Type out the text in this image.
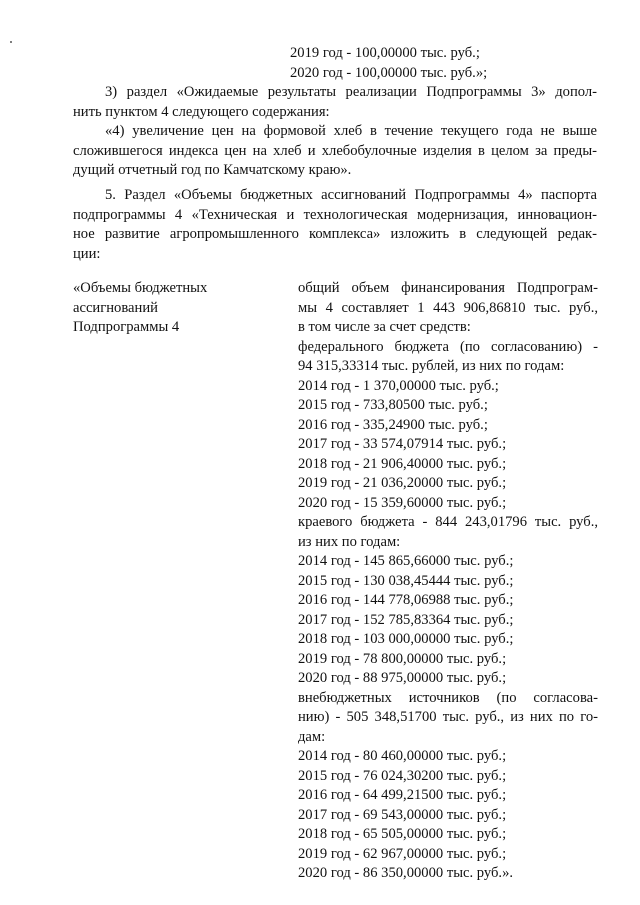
2019 год - 100,00000 тыс. руб.;
2020 год - 100,00000 тыс. руб.»;
3) раздел «Ожидаемые результаты реализации Подпрограммы 3» допол-
нить пунктом 4 следующего содержания:
«4) увеличение цен на формовой хлеб в течение текущего года не выше
сложившегося индекса цен на хлеб и хлебобулочные изделия в целом за преды-
дущий отчетный год по Камчатскому краю».
5. Раздел «Объемы бюджетных ассигнований Подпрограммы 4» паспорта
подпрограммы 4 «Техническая и технологическая модернизация, инновацион-
ное развитие агропромышленного комплекса» изложить в следующей редак-
ции:
«Объемы бюджетных
ассигнований
Подпрограммы 4
общий объем финансирования Подпрограм-
мы 4 составляет 1 443 906,86810 тыс. руб.,
в том числе за счет средств:
федерального бюджета (по согласованию) -
94 315,33314 тыс. рублей, из них по годам:
2014 год - 1 370,00000 тыс. руб.;
2015 год - 733,80500 тыс. руб.;
2016 год - 335,24900 тыс. руб.;
2017 год - 33 574,07914 тыс. руб.;
2018 год - 21 906,40000 тыс. руб.;
2019 год - 21 036,20000 тыс. руб.;
2020 год - 15 359,60000 тыс. руб.;
краевого бюджета - 844 243,01796 тыс. руб.,
из них по годам:
2014 год - 145 865,66000 тыс. руб.;
2015 год - 130 038,45444 тыс. руб.;
2016 год - 144 778,06988 тыс. руб.;
2017 год - 152 785,83364 тыс. руб.;
2018 год - 103 000,00000 тыс. руб.;
2019 год - 78 800,00000 тыс. руб.;
2020 год - 88 975,00000 тыс. руб.;
внебюджетных источников (по согласова-
нию) - 505 348,51700 тыс. руб., из них по го-
дам:
2014 год - 80 460,00000 тыс. руб.;
2015 год - 76 024,30200 тыс. руб.;
2016 год - 64 499,21500 тыс. руб.;
2017 год - 69 543,00000 тыс. руб.;
2018 год - 65 505,00000 тыс. руб.;
2019 год - 62 967,00000 тыс. руб.;
2020 год - 86 350,00000 тыс. руб.».
